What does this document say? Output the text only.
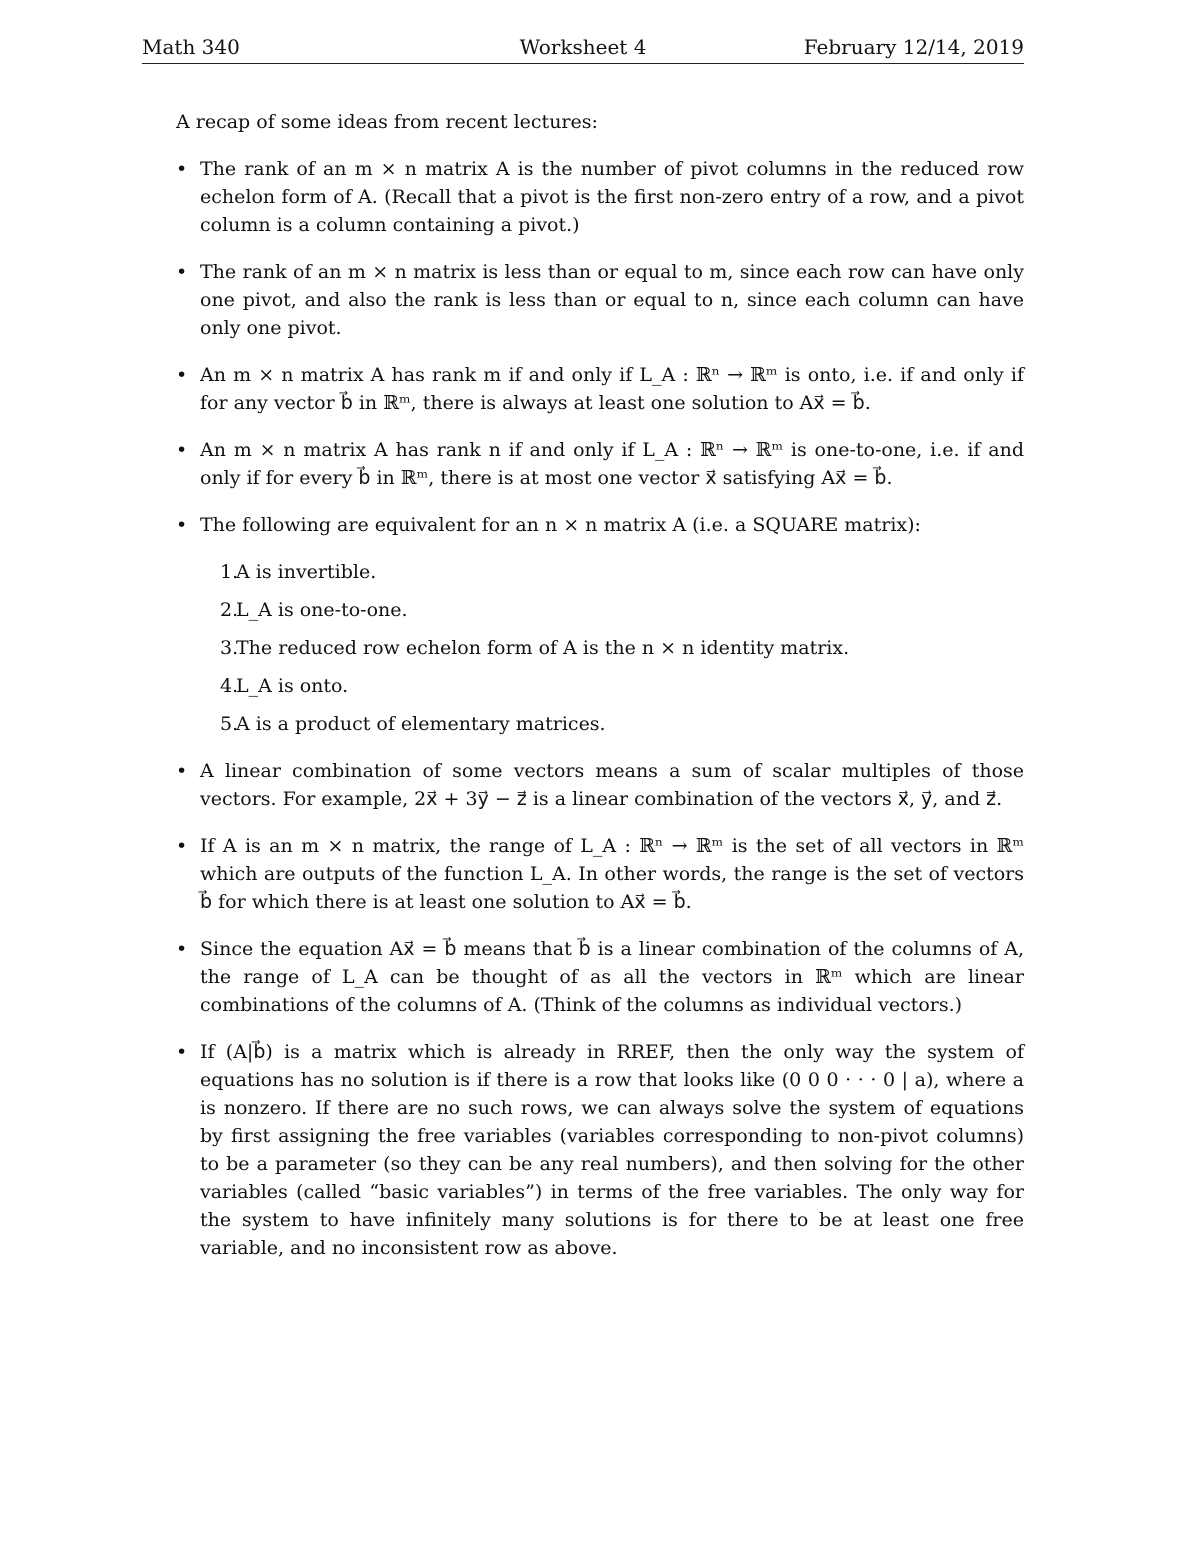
Math 340	Worksheet 4	February 12/14, 2019

A recap of some ideas from recent lectures:

• The rank of an m × n matrix A is the number of pivot columns in the reduced row echelon form of A. (Recall that a pivot is the first non-zero entry of a row, and a pivot column is a column containing a pivot.)
• The rank of an m × n matrix is less than or equal to m, since each row can have only one pivot, and also the rank is less than or equal to n, since each column can have only one pivot.
• An m × n matrix A has rank m if and only if L_A : ℝⁿ → ℝᵐ is onto, i.e. if and only if for any vector b⃗ in ℝᵐ, there is always at least one solution to Ax⃗ = b⃗.
• An m × n matrix A has rank n if and only if L_A : ℝⁿ → ℝᵐ is one-to-one, i.e. if and only if for every b⃗ in ℝᵐ, there is at most one vector x⃗ satisfying Ax⃗ = b⃗.
• The following are equivalent for an n × n matrix A (i.e. a SQUARE matrix):
1.
A is invertible.
2.
L_A is one-to-one.
3.
The reduced row echelon form of A is the n × n identity matrix.
4.
L_A is onto.
5.
A is a product of elementary matrices.
• A linear combination of some vectors means a sum of scalar multiples of those vectors. For example, 2x⃗ + 3y⃗ − z⃗ is a linear combination of the vectors x⃗, y⃗, and z⃗.
• If A is an m × n matrix, the range of L_A : ℝⁿ → ℝᵐ is the set of all vectors in ℝᵐ which are outputs of the function L_A. In other words, the range is the set of vectors b⃗ for which there is at least one solution to Ax⃗ = b⃗.
• Since the equation Ax⃗ = b⃗ means that b⃗ is a linear combination of the columns of A, the range of L_A can be thought of as all the vectors in ℝᵐ which are linear combinations of the columns of A. (Think of the columns as individual vectors.)
• If (A|b⃗) is a matrix which is already in RREF, then the only way the system of equations has no solution is if there is a row that looks like (0 0 0 · · · 0 | a), where a is nonzero. If there are no such rows, we can always solve the system of equations by first assigning the free variables (variables corresponding to non-pivot columns) to be a parameter (so they can be any real numbers), and then solving for the other variables (called “basic variables”) in terms of the free variables. The only way for the system to have infinitely many solutions is for there to be at least one free variable, and no inconsistent row as above.
